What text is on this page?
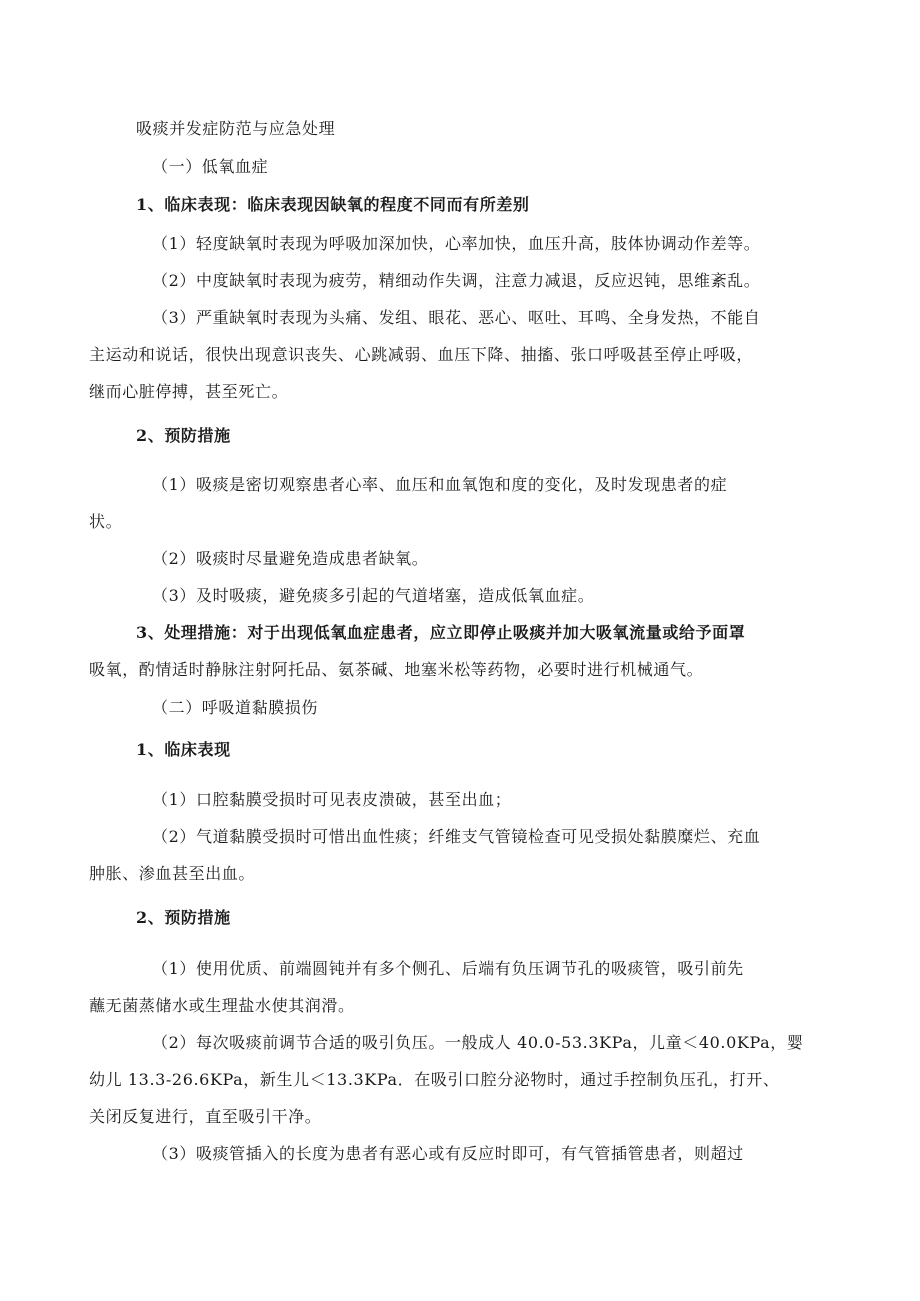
吸痰并发症防范与应急处理
（一）低氧血症
1、临床表现：临床表现因缺氧的程度不同而有所差别
（1）轻度缺氧时表现为呼吸加深加快，心率加快，血压升高，肢体协调动作差等。
（2）中度缺氧时表现为疲劳，精细动作失调，注意力减退，反应迟钝，思维紊乱。
（3）严重缺氧时表现为头痛、发组、眼花、恶心、呕吐、耳鸣、全身发热，不能自
主运动和说话，很快出现意识丧失、心跳减弱、血压下降、抽搐、张口呼吸甚至停止呼吸，
继而心脏停搏，甚至死亡。
2、预防措施
（1）吸痰是密切观察患者心率、血压和血氧饱和度的变化，及时发现患者的症
状。
（2）吸痰时尽量避免造成患者缺氧。
（3）及时吸痰，避免痰多引起的气道堵塞，造成低氧血症。
3、处理措施：对于出现低氧血症患者，应立即停止吸痰并加大吸氧流量或给予面罩
吸氧，酌情适时静脉注射阿托品、氨茶碱、地塞米松等药物，必要时进行机械通气。
（二）呼吸道黏膜损伤
1、临床表现
（1）口腔黏膜受损时可见表皮溃破，甚至出血；
（2）气道黏膜受损时可惜出血性痰；纤维支气管镜检查可见受损处黏膜糜烂、充血
肿胀、渗血甚至出血。
2、预防措施
（1）使用优质、前端圆钝并有多个侧孔、后端有负压调节孔的吸痰管，吸引前先
蘸无菌蒸储水或生理盐水使其润滑。
（2）每次吸痰前调节合适的吸引负压。一般成人 40.0-53.3KPa，儿童＜40.0KPa，婴
幼儿 13.3-26.6KPa，新生儿＜13.3KPa．在吸引口腔分泌物时，通过手控制负压孔，打开、
关闭反复进行，直至吸引干净。
（3）吸痰管插入的长度为患者有恶心或有反应时即可，有气管插管患者，则超过
